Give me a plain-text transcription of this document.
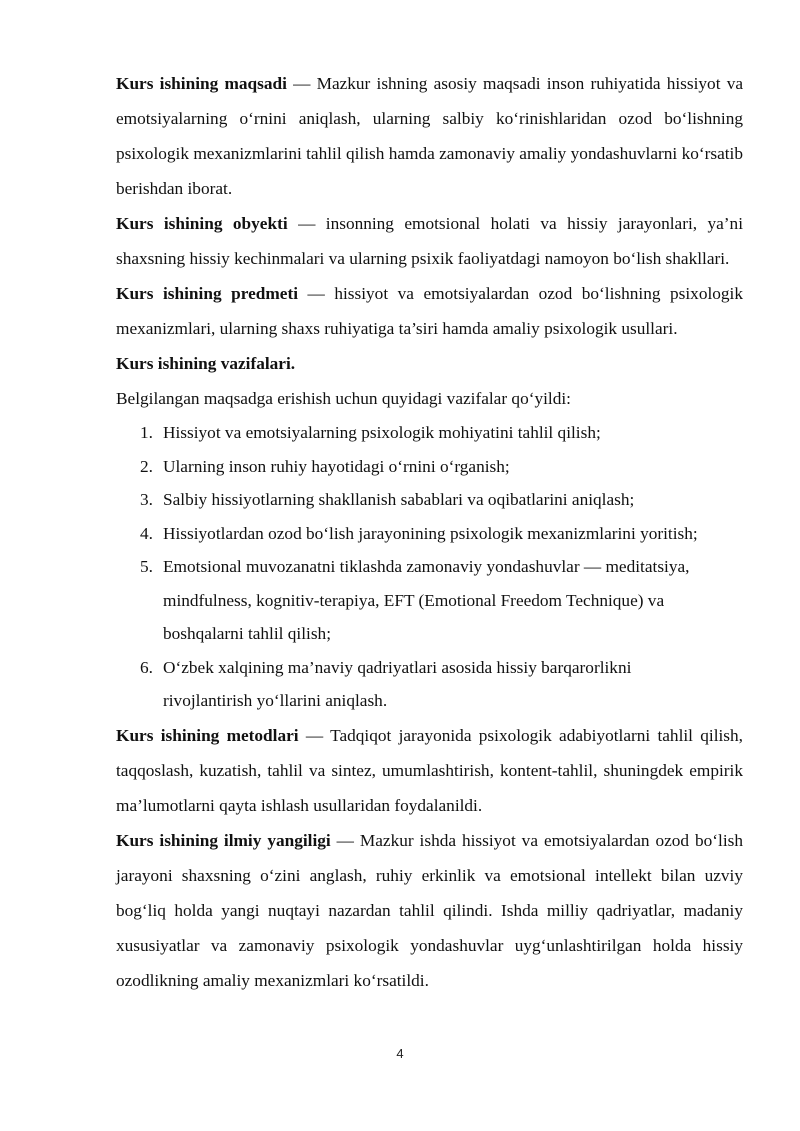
Kurs ishining maqsadi — Mazkur ishning asosiy maqsadi inson ruhiyatida hissiyot va emotsiyalarning o‘rnini aniqlash, ularning salbiy ko‘rinishlaridan ozod bo‘lishning psixologik mexanizmlarini tahlil qilish hamda zamonaviy amaliy yondashuvlarni ko‘rsatib berishdan iborat.

Kurs ishining obyekti — insonning emotsional holati va hissiy jarayonlari, ya’ni shaxsning hissiy kechinmalari va ularning psixik faoliyatdagi namoyon bo‘lish shakllari.

Kurs ishining predmeti — hissiyot va emotsiyalardan ozod bo‘lishning psixologik mexanizmlari, ularning shaxs ruhiyatiga ta’siri hamda amaliy psixologik usullari.

Kurs ishining vazifalari.

Belgilangan maqsadga erishish uchun quyidagi vazifalar qo‘yildi:

1. Hissiyot va emotsiyalarning psixologik mohiyatini tahlil qilish;
2. Ularning inson ruhiy hayotidagi o‘rnini o‘rganish;
3. Salbiy hissiyotlarning shakllanish sabablari va oqibatlarini aniqlash;
4. Hissiyotlardan ozod bo‘lish jarayonining psixologik mexanizmlarini yoritish;
5. Emotsional muvozanatni tiklashda zamonaviy yondashuvlar — meditatsiya, mindfulness, kognitiv-terapiya, EFT (Emotional Freedom Technique) va boshqalarni tahlil qilish;
6. O‘zbek xalqining ma’naviy qadriyatlari asosida hissiy barqarorlikni rivojlantirish yo‘llarini aniqlash.

Kurs ishining metodlari — Tadqiqot jarayonida psixologik adabiyotlarni tahlil qilish, taqqoslash, kuzatish, tahlil va sintez, umumlashtirish, kontent-tahlil, shuningdek empirik ma’lumotlarni qayta ishlash usullaridan foydalanildi.

Kurs ishining ilmiy yangiligi — Mazkur ishda hissiyot va emotsiyalardan ozod bo‘lish jarayoni shaxsning o‘zini anglash, ruhiy erkinlik va emotsional intellekt bilan uzviy bog‘liq holda yangi nuqtayi nazardan tahlil qilindi. Ishda milliy qadriyatlar, madaniy xususiyatlar va zamonaviy psixologik yondashuvlar uyg‘unlashtirilgan holda hissiy ozodlikning amaliy mexanizmlari ko‘rsatildi.

4
